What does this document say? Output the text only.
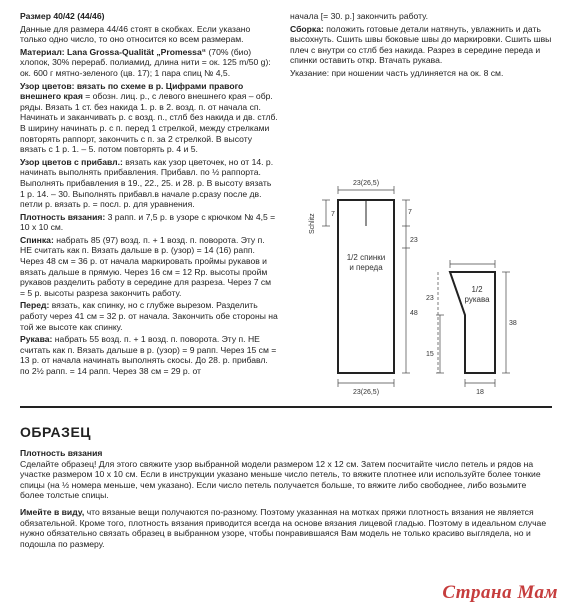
Размер 40/42 (44/46)

Данные для размера 44/46 стоят в скобках. Если указано только одно число, то оно относится ко всем размерам.

Материал: Lana Grossa-Qualität „Promessa“ (70% (био) хлопок, 30% перераб. полиамид, длина нити = ок. 125 m/50 g): ок. 600 г мятно-зеленого (цв. 17); 1 пара спиц № 4,5.

Узор цветов: вязать по схеме в р. Цифрами правого внешнего края = обозн. лиц. р., с левого внешнего края – обр. ряды. Вязать 1 ст. без накида 1. р. в 2. возд. п. от начала сп. Начинать и заканчивать р. с возд. п., стлб без накида и дв. стлб. В ширину начинать р. с п. перед 1 стрелкой, между стрелками повторять раппорт, закончить с п. за 2 стрелкой. В высоту вязать с 1 р. 1. – 5. потом повторять р. 4 и 5.

Узор цветов с прибавл.: вязать как узор цветочек, но от 14. р. начинать выполнять прибавления. Прибавл. по ½ раппорта. Выполнять прибавления в 19., 22., 25. и 28. р. В высоту вязать 1 р. 14. – 30. Выполнять прибавл.в начале р.сразу после дв. петли р. вязать р. = посл. р. для уравнения.

Плотность вязания: 3 рапп. и 7,5 р. в узоре с крючком № 4,5 = 10 x 10 см.

Спинка: набрать 85 (97) возд. п. + 1 возд. п. поворота. Эту п. НЕ считать как п. Вязать дальше в р. (узор) = 14 (16) рапп. Через 48 см = 36 р. от начала маркировать проймы рукавов и вязать дальше в прямую. Через 16 см = 12 Rp. высоты пройм рукавов разделить работу в середине для разреза. Через 7 см = 5 р. высоты разреза закончить работу.

Перед: вязать, как спинку, но с глубже вырезом. Разделить работу через 41 см = 32 р. от начала. Закончить обе стороны на той же высоте как спинку.

Рукава: набрать 55 возд. п. + 1 возд. п. поворота. Эту п. НЕ считать как п. Вязать дальше в р. (узор) = 9 рапп. Через 15 см = 13 р. от начала начинать выполнять скосы. До 28. р. прибавл. по 2½ рапп. = 14 рапп. Через 38 см = 29 р. от

начала [= 30. р.] закончить работу.

Сборка: положить готовые детали натянуть, увлажнить и дать высохнуть. Сшить швы боковые швы до маркировки. Сшить швы плеч с внутри со стлб без накида. Разрез в середине переда и спинки оставить откр. Втачать рукава.

Указание: при ношении часть удлиняется на ок. 8 см.

23(26,5)
23(26,5)
7
Schlitz
7
23
48
1/2 спинки
и переда
15
23
38
18
1/2
рукава
ОБРАЗЕЦ

Плотность вязания
Сделайте образец! Для этого свяжите узор выбранной модели размером 12 х 12 см. Затем посчитайте число петель и рядов на участке размером 10 х 10 см. Если в инструкции указано меньше число петель, то вяжите плотнее или используйте более тонкие спицы (на ½ номера меньше, чем указано). Если число петель получается больше, то вяжите либо свободнее, либо возьмите более толстые спицы.

Имейте в виду, что вязаные вещи получаются по-разному. Поэтому указанная на мотках пряжи плотность вязания не является обязательной. Кроме того, плотность вязания приводится всегда на основе вязания лицевой гладью. Поэтому в идеальном случае нужно обязательно связать образец в выбранном узоре, чтобы понравившаяся Вам модель не только красиво выглядела, но и подошла по размеру.

Страна Мам
